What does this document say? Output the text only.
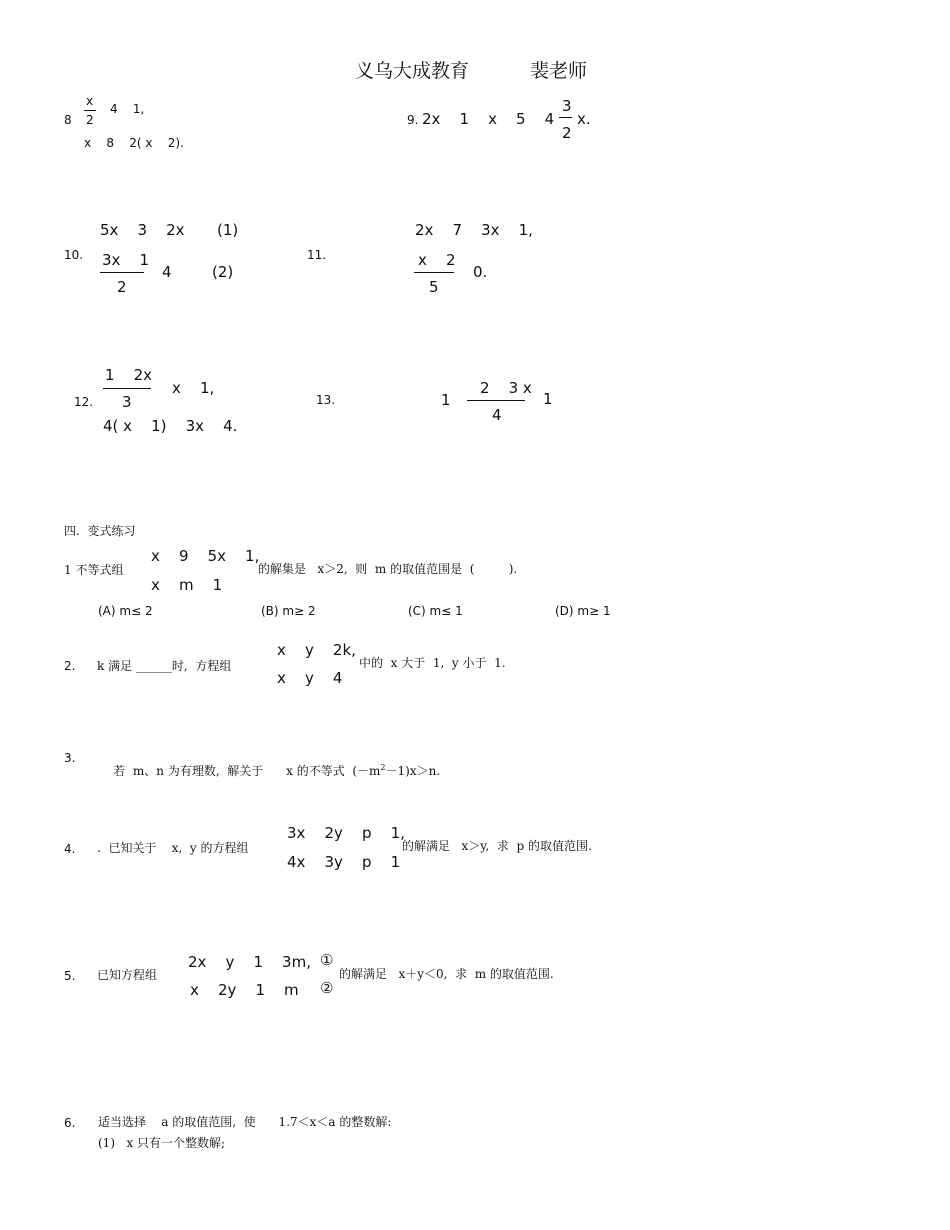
义乌大成教育	裴老师
8
x
2
4    1,
x    8    2( x    2).
9. 2x    1    x    5    4
3
2
x.
10.
5x    3    2x (1)
3x    1
2
4	(2)
11.
2x    7    3x    1,
x    2
5
0.
12.
1    2x
3
x    1,
4( x    1)    3x    4.
13.	1
2    3 x
4
1
四.  变式练习
1 不等式组
x    9    5x    1,
x    m    1
的解集是   x＞2,  则  m 的取值范围是  (         ).
(A) m≤ 2	(B) m≥ 2	(C) m≤ 1	(D) m≥ 1
2. k 满足 ______时,  方程组
x    y    2k,
x    y    4
中的  x 大于  1,  y 小于  1.
3.

若  m、n 为有理数,  解关于      x 的不等式  $(-m^2-1)x>n$.

4. .  已知关于    x,  y 的方程组
3x    2y    p    1,
4x    3y    p    1
的解满足   x＞y,  求  p 的取值范围.
5. 已知方程组
2x    y    1    3m, ①
x    2y    1    m ②
的解满足   x＋y＜0,  求  m 的取值范围.
6. 适当选择    a 的取值范围,  使      1.7＜x＜a 的整数解:
(1)   x 只有一个整数解;
